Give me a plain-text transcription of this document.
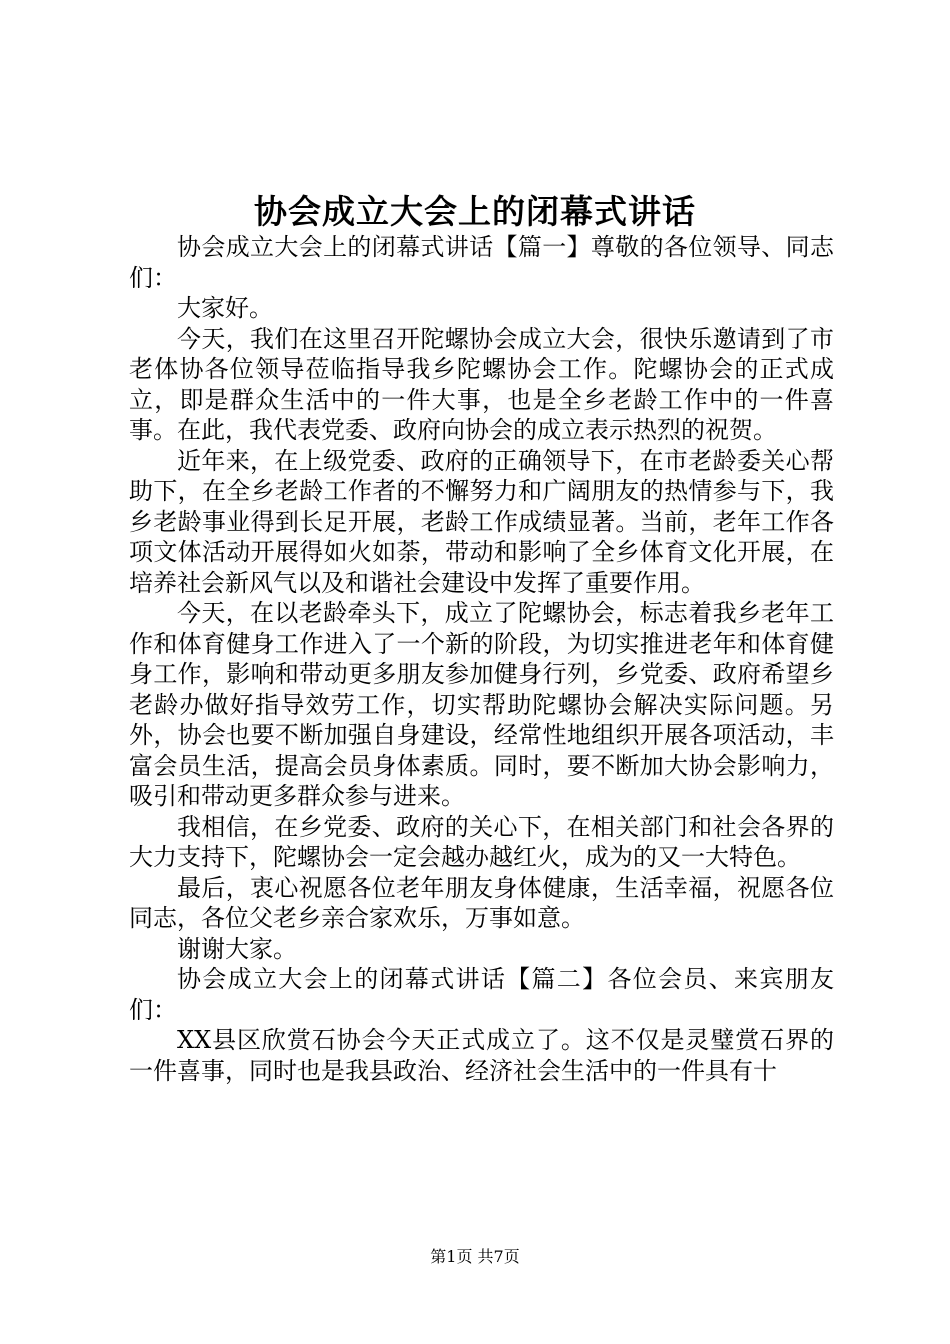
协会成立大会上的闭幕式讲话

协会成立大会上的闭幕式讲话【篇一】尊敬的各位领导、同志们：

大家好。

今天，我们在这里召开陀螺协会成立大会，很快乐邀请到了市老体协各位领导莅临指导我乡陀螺协会工作。陀螺协会的正式成立，即是群众生活中的一件大事，也是全乡老龄工作中的一件喜事。在此，我代表党委、政府向协会的成立表示热烈的祝贺。

近年来，在上级党委、政府的正确领导下，在市老龄委关心帮助下，在全乡老龄工作者的不懈努力和广阔朋友的热情参与下，我乡老龄事业得到长足开展，老龄工作成绩显著。当前，老年工作各项文体活动开展得如火如荼，带动和影响了全乡体育文化开展，在培养社会新风气以及和谐社会建设中发挥了重要作用。

今天，在以老龄牵头下，成立了陀螺协会，标志着我乡老年工作和体育健身工作进入了一个新的阶段，为切实推进老年和体育健身工作，影响和带动更多朋友参加健身行列，乡党委、政府希望乡老龄办做好指导效劳工作，切实帮助陀螺协会解决实际问题。另外，协会也要不断加强自身建设，经常性地组织开展各项活动，丰富会员生活，提高会员身体素质。同时，要不断加大协会影响力，吸引和带动更多群众参与进来。

我相信，在乡党委、政府的关心下，在相关部门和社会各界的大力支持下，陀螺协会一定会越办越红火，成为的又一大特色。

最后，衷心祝愿各位老年朋友身体健康，生活幸福，祝愿各位同志，各位父老乡亲合家欢乐，万事如意。

谢谢大家。

协会成立大会上的闭幕式讲话【篇二】各位会员、来宾朋友们：

XX县区欣赏石协会今天正式成立了。这不仅是灵璧赏石界的一件喜事，同时也是我县政治、经济社会生活中的一件具有十

第1页 共7页
